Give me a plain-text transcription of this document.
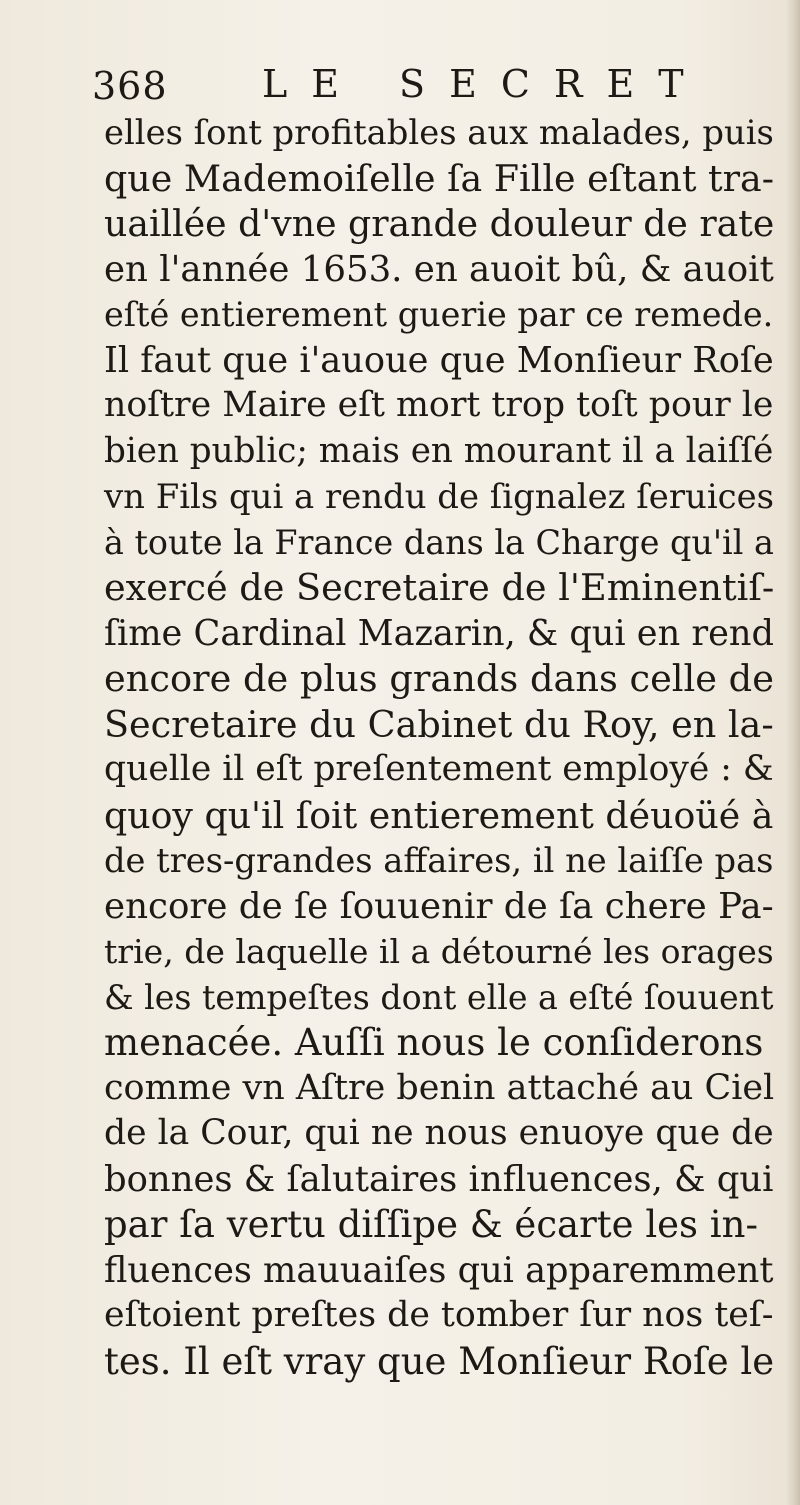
368 LE SECRET
elles ſont profitables aux malades, puis
que Mademoiſelle ſa Fille eſtant tra-
uaillée d'vne grande douleur de rate
en l'année 1653. en auoit bû, & auoit
eſté entierement guerie par ce remede.
Il faut que i'auoue que Monſieur Roſe
noſtre Maire eſt mort trop toſt pour le
bien public; mais en mourant il a laiſſé
vn Fils qui a rendu de ſignalez ſeruices
à toute la France dans la Charge qu'il a
exercé de Secretaire de l'Eminentiſ-
ſime Cardinal Mazarin, & qui en rend
encore de plus grands dans celle de
Secretaire du Cabinet du Roy, en la-
quelle il eſt preſentement employé : &
quoy qu'il ſoit entierement déuoüé à
de tres-grandes affaires, il ne laiſſe pas
encore de ſe ſouuenir de ſa chere Pa-
trie, de laquelle il a détourné les orages
& les tempeſtes dont elle a eſté ſouuent
menacée. Auſſi nous le conſiderons
comme vn Aſtre benin attaché au Ciel
de la Cour, qui ne nous enuoye que de
bonnes & ſalutaires influences, & qui
par ſa vertu diſſipe & écarte les in-
fluences mauuaiſes qui apparemment
eſtoient preſtes de tomber ſur nos teſ-
tes. Il eſt vray que Monſieur Roſe le
